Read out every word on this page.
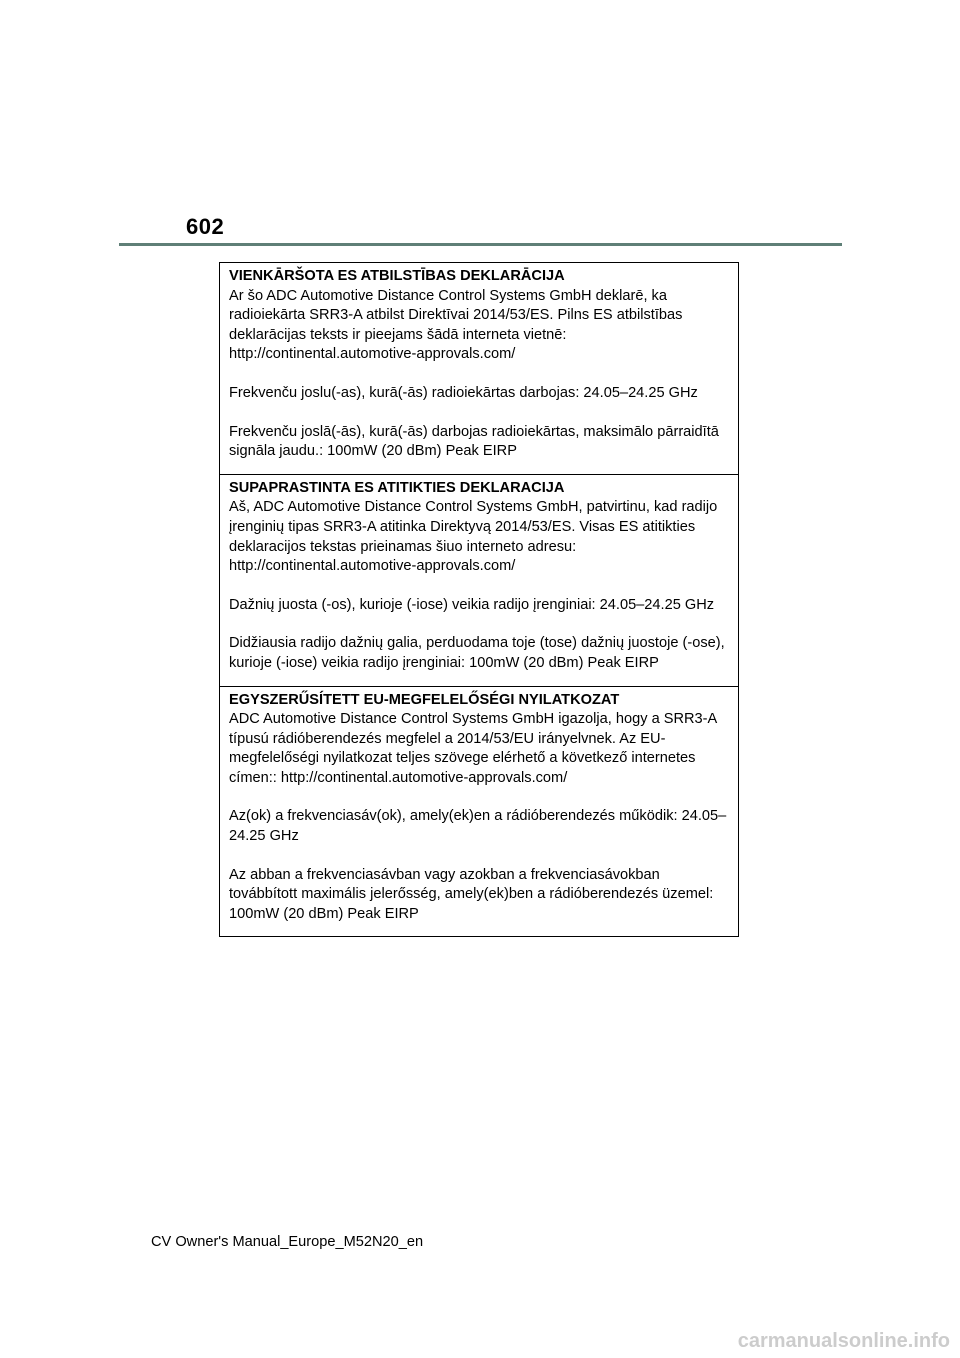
602
VIENKĀRŠOTA ES ATBILSTĪBAS DEKLARĀCIJA
Ar šo ADC Automotive Distance Control Systems GmbH deklarē, ka radioiekārta SRR3-A atbilst Direktīvai 2014/53/ES. Pilns ES atbilstības deklarācijas teksts ir pieejams šādā interneta vietnē: http://continental.automotive-approvals.com/
Frekvenču joslu(-as), kurā(-ās) radioiekārtas darbojas: 24.05–24.25 GHz
Frekvenču joslā(-ās), kurā(-ās) darbojas radioiekārtas, maksimālo pārraidītā signāla jaudu.: 100mW (20 dBm) Peak EIRP
SUPAPRASTINTA ES ATITIKTIES DEKLARACIJA
Aš, ADC Automotive Distance Control Systems GmbH, patvirtinu, kad radijo įrenginių tipas SRR3-A atitinka Direktyvą 2014/53/ES. Visas ES atitikties deklaracijos tekstas prieinamas šiuo interneto adresu: http://continental.automotive-approvals.com/
Dažnių juosta (-os), kurioje (-iose) veikia radijo įrenginiai: 24.05–24.25 GHz
Didžiausia radijo dažnių galia, perduodama toje (tose) dažnių juostoje (-ose), kurioje (-iose) veikia radijo įrenginiai: 100mW (20 dBm) Peak EIRP
EGYSZERŰSÍTETT EU-MEGFELELŐSÉGI NYILATKOZAT
ADC Automotive Distance Control Systems GmbH igazolja, hogy a SRR3-A típusú rádióberendezés megfelel a 2014/53/EU irányelvnek. Az EU-megfelelőségi nyilatkozat teljes szövege elérhető a következő internetes címen:: http://continental.automotive-approvals.com/
Az(ok) a frekvenciasáv(ok), amely(ek)en a rádióberendezés működik: 24.05–24.25 GHz
Az abban a frekvenciasávban vagy azokban a frekvenciasávokban továbbított maximális jelerősség, amely(ek)ben a rádióberendezés üzemel: 100mW (20 dBm) Peak EIRP
CV Owner's Manual_Europe_M52N20_en
carmanualsonline.info
